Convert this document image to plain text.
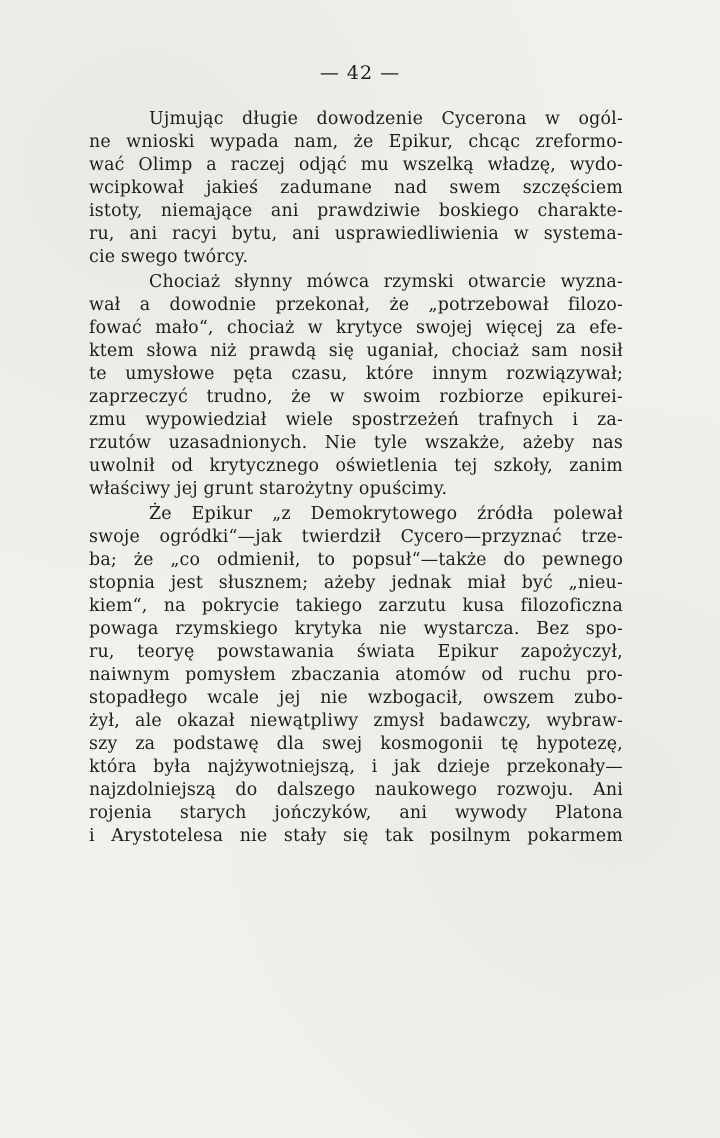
— 42 —
Ujmując długie dowodzenie Cycerona w ogól-
ne wnioski wypada nam, że Epikur, chcąc zreformo-
wać Olimp a raczej odjąć mu wszelką władzę, wydo-
wcipkował jakieś zadumane nad swem szczęściem
istoty, niemające ani prawdziwie boskiego charakte-
ru, ani racyi bytu, ani usprawiedliwienia w systema-
cie swego twórcy.
Chociaż słynny mówca rzymski otwarcie wyzna-
wał a dowodnie przekonał, że „potrzebował filozo-
fować mało“, chociaż w krytyce swojej więcej za efe-
ktem słowa niż prawdą się uganiał, chociaż sam nosił
te umysłowe pęta czasu, które innym rozwiązywał;
zaprzeczyć trudno, że w swoim rozbiorze epikurei-
zmu wypowiedział wiele spostrzeżeń trafnych i za-
rzutów uzasadnionych. Nie tyle wszakże, ażeby nas
uwolnił od krytycznego oświetlenia tej szkoły, zanim
właściwy jej grunt starożytny opuścimy.
Że Epikur „z Demokrytowego źródła polewał
swoje ogródki“—jak twierdził Cycero—przyznać trze-
ba; że „co odmienił, to popsuł“—także do pewnego
stopnia jest słusznem; ażeby jednak miał być „nieu-
kiem“, na pokrycie takiego zarzutu kusa filozoficzna
powaga rzymskiego krytyka nie wystarcza. Bez spo-
ru, teoryę powstawania świata Epikur zapożyczył,
naiwnym pomysłem zbaczania atomów od ruchu pro-
stopadłego wcale jej nie wzbogacił, owszem zubo-
żył, ale okazał niewątpliwy zmysł badawczy, wybraw-
szy za podstawę dla swej kosmogonii tę hypotezę,
która była najżywotniejszą, i jak dzieje przekonały—
najzdolniejszą do dalszego naukowego rozwoju. Ani
rojenia starych jończyków, ani wywody Platona
i Arystotelesa nie stały się tak posilnym pokarmem
